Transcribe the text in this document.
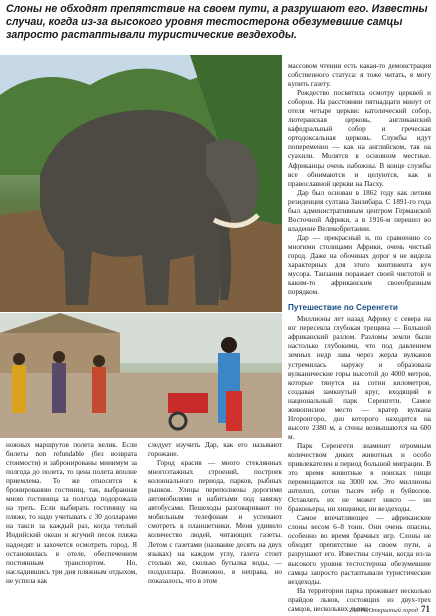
Слоны не обходят препятствие на своем пути, а разрушают его. Известны случаи, когда из-за высокого уровня тестостерона обезумевшие самцы запросто растаптывали туристические вездеходы.

массовом чтении есть какая-то демонстрация собственного статуса: я тоже читать, я могу купить газету.

Рождество посвятила осмотру церквей и соборов. На расстоянии пятнадцати минут от отеля четыре церкви: католический собор, лютеранская церковь, англиканский кафедральный собор и греческая ортодоксальная церковь. Службы идут попеременно — как на английском, так на суахили. Молятся в основном местные. Африканцы очень набожны. В конце службы все обнимаются и целуются, как в православной церкви на Пасху.

Дар был основан в 1862 году как летняя резиденция султана Занзибара. С 1891-го года был административным центром Германской Восточной Африки, а в 1916-м перешел во владение Великобритании.

Дар — прекрасный и, по сравнению со многими столицами Африки, очень чистый город. Даже на обочинах дорог я не видела характерных для этого континента куч мусора. Танзания поражает своей чистотой и каким-то африканским своеобразным порядком.

Путешествие по Серенгети

Миллионы лет назад Африку с севера на юг пересекла глубокая трещина — Большой африканский разлом. Разломы земли были настолько глубокими, что под давлением земных недр лава через жерла вулканов устремилась наружу и образовала вулканические горы высотой до 4000 метров, которые тянутся на сотни километров, создавая замкнутый круг, входящий в национальный парк Серенгети. Самое живописное место — кратер вулкана Нгоронгоро, дно которого находится на высоте 2380 м, а стены возвышаются на 600 м.

Парк Серенгети знаменит огромным количеством диких животных и особо привлекателен в период большой миграции. В это время животные в поисках пищи перемещаются на 3000 км. Это миллионы антилоп, сотни тысяч зебр и буйволов. Оставлять их не может никто — ни браконьеры, ни хищники, ни вездеходы.

Самое впечатляющее — африканские слоны весом 6–8 тонн. Они очень опасны, особенно во время брачных игр. Слоны не обходят препятствие на своем пути, а разрушают его. Известны случаи, когда из-за высокого уровня тестостерона обезумевшие самцы запросто растаптывали туристические вездеходы.

На территории парка проживает несколько прайдов львов, состоящих из двух-трех самцов, нескольких львиц-

ножных маршрутов полета велик. Если билеты non refundable (без возврата стоимости) и забронированы минимум за полгода до полета, то цена полета вполне приемлема. То же относится к бронированию гостиниц, так, выбранная мною гостиница за полгода подорожала на треть. Если выбирать гостиницу на пляже, то надо учитывать с 30 долларами на такси за каждый раз, когда теплый Индийский океан и жгучий песок пляжа надоедят и захочется осмотреть город. Я остановилась в отеле, обеспеченном постоянным транспортом. Но, насладившись три дня пляжным отдыхом, не успела как

следует изучить Дар, как его называют горожане.

Город красив — много стеклянных многоэтажных строений, построек колониального периода, парков, рыбных рынков. Улицы переполнены дорогими автомобилями и набитыми под завязку автобусами. Пешеходы разговаривают по мобильным телефонам и успевают смотреть в планшетники. Меня удивило количество людей, читающих газеты. Летом с газетами (название десять на двух языках) на каждом углу, газета стоит столько же, сколько бутылка воды, — полдоллара. Возможно, я неправа, но показалось, что в этом

2/2016 Открытый город 71
